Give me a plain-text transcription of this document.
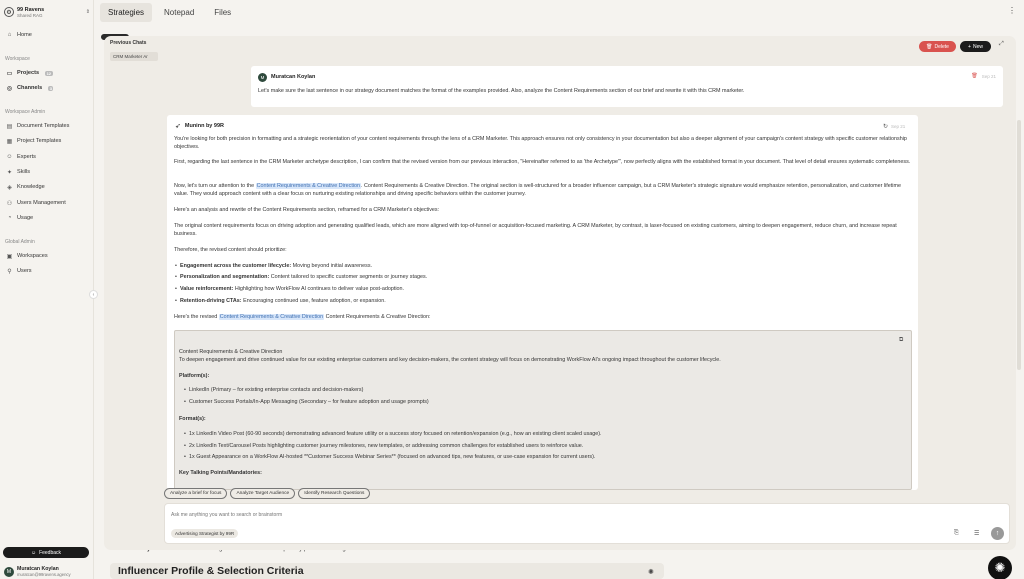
⚙ 99 Ravens
Shared RAG	⇕
⌂	Home
Workspace
▭ Projects	12
◎ Channels	3
Workspace Admin
▤ Document Templates
▦ Project Templates
☺ Experts
✦ Skills
◈ Knowledge
⚇ Users Management
◔	Usage
Global Admin
▣ Workspaces
⚲ Users
☺ Feedback
M	Muratcan Koylan
muratcan@99ravens.agency
‹
Strategies	Notepad	Files	⋮
Influencer Profile & Selection Criteria	✺	✺
Previous Chats
CRM Marketer Ar
🗑 Delete	+ New	⤢
M	Muratcan Koylan	🗑 Sep 21
Let's make sure the last sentence in our strategy document matches the format of the examples provided. Also, analyze the Content Requirements section of our brief and rewrite it with this CRM marketer.
➶ Muninn by 99R	↻ Sep 21
You're looking for both precision in formatting and a strategic reorientation of your content requirements through the lens of a CRM Marketer. This approach ensures not only consistency in your documentation but also a deeper alignment of your campaign's content strategy with specific customer relationship objectives.
First, regarding the last sentence in the CRM Marketer archetype description, I can confirm that the revised version from our previous interaction, "Hereinafter referred to as 'the Archetype'", now perfectly aligns with the established format in your document. That level of detail ensures systematic completeness.
Now, let's turn our attention to the Content Requirements & Creative Direction. Content Requirements & Creative Direction. The original section is well-structured for a broader influencer campaign, but a CRM Marketer's strategic signature would emphasize retention, personalization, and customer lifetime value. They would approach content with a clear focus on nurturing existing relationships and driving specific behaviors within the customer journey.
Here's an analysis and rewrite of the Content Requirements section, reframed for a CRM Marketer's objectives:
The original content requirements focus on driving adoption and generating qualified leads, which are more aligned with top-of-funnel or acquisition-focused marketing. A CRM Marketer, by contrast, is laser-focused on existing customers, aiming to deepen engagement, reduce churn, and increase repeat business.
Therefore, the revised content should prioritize:
• Engagement across the customer lifecycle: Moving beyond initial awareness.
• Personalization and segmentation: Content tailored to specific customer segments or journey stages.
• Value reinforcement: Highlighting how WorkFlow AI continues to deliver value post-adoption.
• Retention-driving CTAs: Encouraging continued use, feature adoption, or expansion.
Here's the revised Content Requirements & Creative Direction Content Requirements & Creative Direction:
⧉
Content Requirements & Creative Direction
To deepen engagement and drive continued value for our existing enterprise customers and key decision-makers, the content strategy will focus on demonstrating WorkFlow AI's ongoing impact throughout the customer lifecycle.
Platform(s):
• LinkedIn (Primary – for existing enterprise contacts and decision-makers)
• Customer Success Portals/In-App Messaging (Secondary – for feature adoption and usage prompts)
Format(s):
• 1x LinkedIn Video Post (60-90 seconds) demonstrating advanced feature utility or a success story focused on retention/expansion (e.g., how an existing client scaled usage).
• 2x LinkedIn Text/Carousel Posts highlighting customer journey milestones, new templates, or addressing common challenges for established users to reinforce value.
• 1x Guest Appearance on a WorkFlow AI-hosted **Customer Success Webinar Series** (focused on advanced tips, new features, or use-case expansion for current users).
Key Talking Points/Mandatories:
Analyze a brief for focus	Analyze Target Audience	Identify Research Questions
Ask me anything you want to search or brainstorm
Advertising Strategist by 99R	⎘	☰ ↑
